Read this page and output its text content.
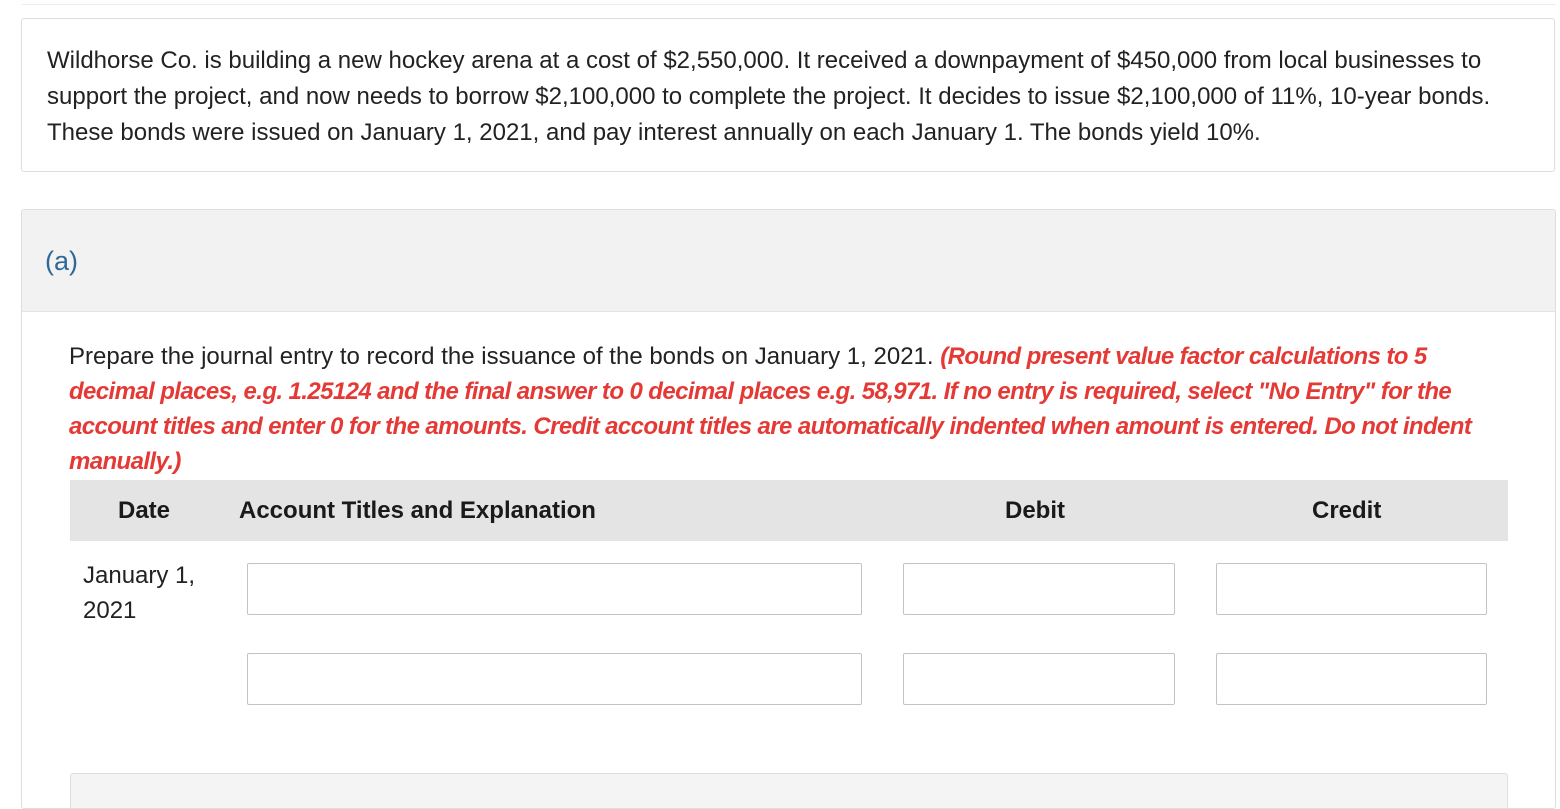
Wildhorse Co. is building a new hockey arena at a cost of $2,550,000. It received a downpayment of $450,000 from local businesses to support the project, and now needs to borrow $2,100,000 to complete the project. It decides to issue $2,100,000 of 11%, 10-year bonds. These bonds were issued on January 1, 2021, and pay interest annually on each January 1. The bonds yield 10%.
(a)
Prepare the journal entry to record the issuance of the bonds on January 1, 2021. (Round present value factor calculations to 5 decimal places, e.g. 1.25124 and the final answer to 0 decimal places e.g. 58,971. If no entry is required, select "No Entry" for the account titles and enter 0 for the amounts. Credit account titles are automatically indented when amount is entered. Do not indent manually.)
Date	Account Titles and Explanation	Debit	Credit
January 1,
2021
